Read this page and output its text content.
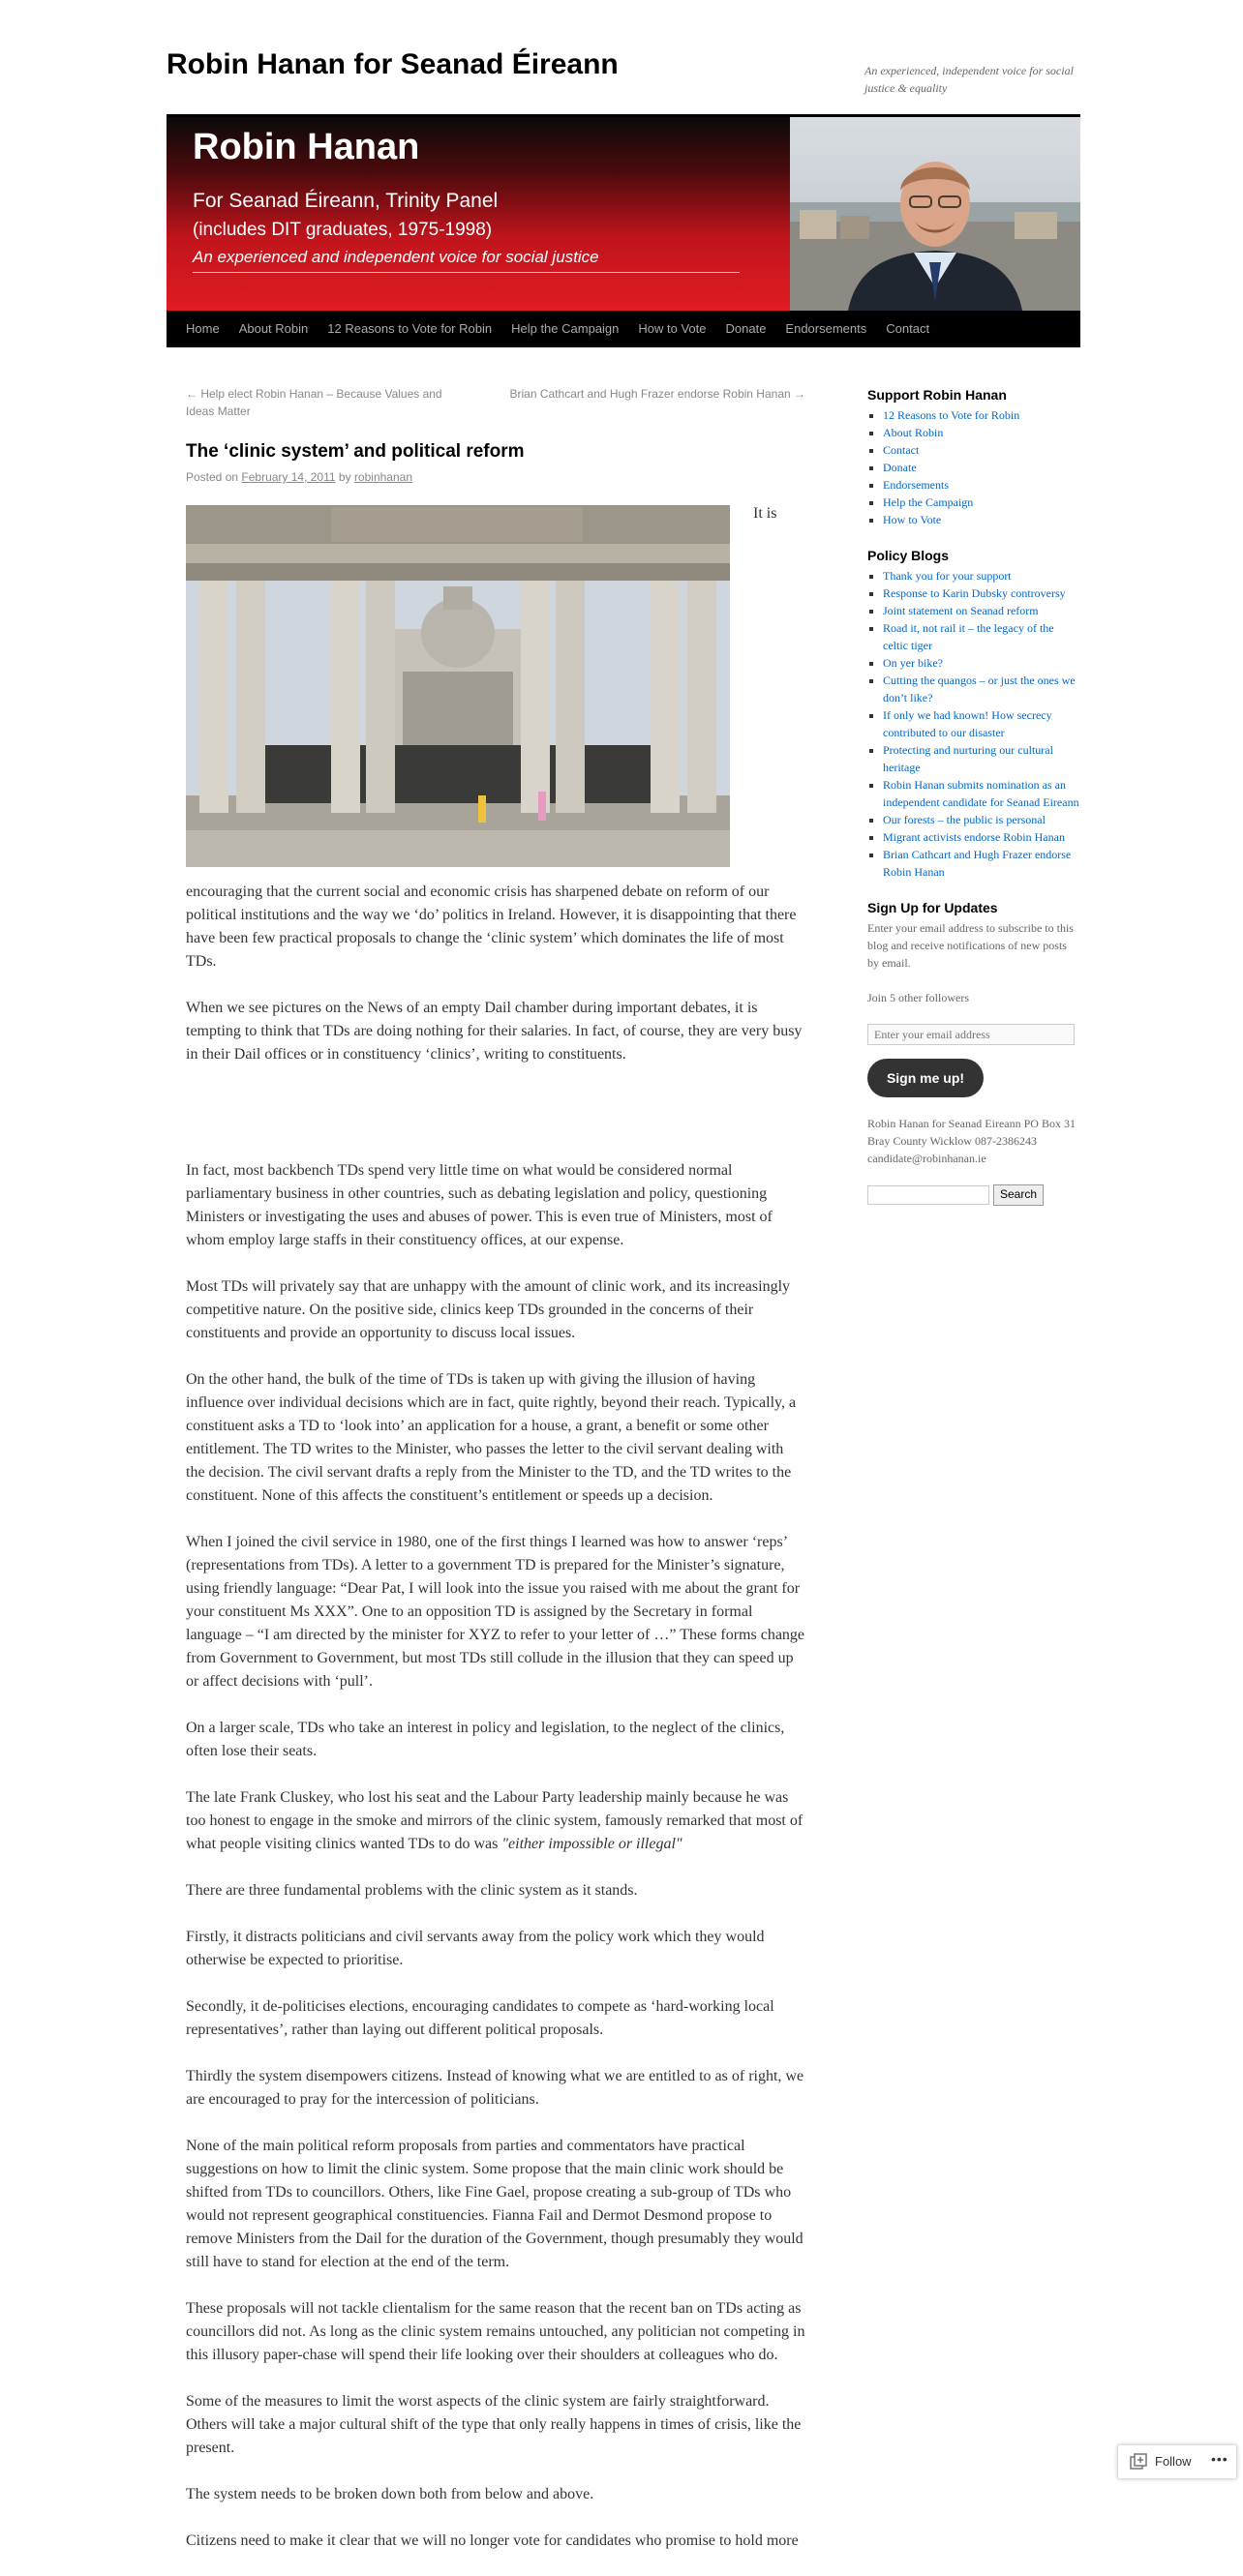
Robin Hanan for Seanad Éireann	An experienced, independent voice for social justice & equality
Robin Hanan
For Seanad Éireann, Trinity Panel
(includes DIT graduates, 1975-1998)
An experienced and independent voice for social justice
Home	About Robin	12 Reasons to Vote for Robin	Help the Campaign	How to Vote	Donate	Endorsements	Contact
← Help elect Robin Hanan – Because Values and Ideas Matter
Brian Cathcart and Hugh Frazer endorse Robin Hanan →
The ‘clinic system’ and political reform
Posted on February 14, 2011 by robinhanan
It is

encouraging that the current social and economic crisis has sharpened debate on reform of our political institutions and the way we ‘do’ politics in Ireland. However, it is disappointing that there have been few practical proposals to change the ‘clinic system’ which dominates the life of most TDs.

When we see pictures on the News of an empty Dail chamber during important debates, it is tempting to think that TDs are doing nothing for their salaries. In fact, of course, they are very busy in their Dail offices or in constituency ‘clinics’, writing to constituents.

In fact, most backbench TDs spend very little time on what would be considered normal parliamentary business in other countries, such as debating legislation and policy, questioning Ministers or investigating the uses and abuses of power. This is even true of Ministers, most of whom employ large staffs in their constituency offices, at our expense.

Most TDs will privately say that are unhappy with the amount of clinic work, and its increasingly competitive nature. On the positive side, clinics keep TDs grounded in the concerns of their constituents and provide an opportunity to discuss local issues.

On the other hand, the bulk of the time of TDs is taken up with giving the illusion of having influence over individual decisions which are in fact, quite rightly, beyond their reach. Typically, a constituent asks a TD to ‘look into’ an application for a house, a grant, a benefit or some other entitlement. The TD writes to the Minister, who passes the letter to the civil servant dealing with the decision. The civil servant drafts a reply from the Minister to the TD, and the TD writes to the constituent. None of this affects the constituent’s entitlement or speeds up a decision.

When I joined the civil service in 1980, one of the first things I learned was how to answer ‘reps’ (representations from TDs). A letter to a government TD is prepared for the Minister’s signature, using friendly language: “Dear Pat, I will look into the issue you raised with me about the grant for your constituent Ms XXX”. One to an opposition TD is assigned by the Secretary in formal language – “I am directed by the minister for XYZ to refer to your letter of …” These forms change from Government to Government, but most TDs still collude in the illusion that they can speed up or affect decisions with ‘pull’.

On a larger scale, TDs who take an interest in policy and legislation, to the neglect of the clinics, often lose their seats.

The late Frank Cluskey, who lost his seat and the Labour Party leadership mainly because he was too honest to engage in the smoke and mirrors of the clinic system, famously remarked that most of what people visiting clinics wanted TDs to do was "either impossible or illegal"

There are three fundamental problems with the clinic system as it stands.

Firstly, it distracts politicians and civil servants away from the policy work which they would otherwise be expected to prioritise.

Secondly, it de-politicises elections, encouraging candidates to compete as ‘hard-working local representatives’, rather than laying out different political proposals.

Thirdly the system disempowers citizens. Instead of knowing what we are entitled to as of right, we are encouraged to pray for the intercession of politicians.

None of the main political reform proposals from parties and commentators have practical suggestions on how to limit the clinic system. Some propose that the main clinic work should be shifted from TDs to councillors. Others, like Fine Gael, propose creating a sub-group of TDs who would not represent geographical constituencies. Fianna Fail and Dermot Desmond propose to remove Ministers from the Dail for the duration of the Government, though presumably they would still have to stand for election at the end of the term.

These proposals will not tackle clientalism for the same reason that the recent ban on TDs acting as councillors did not. As long as the clinic system remains untouched, any politician not competing in this illusory paper-chase will spend their life looking over their shoulders at colleagues who do.

Some of the measures to limit the worst aspects of the clinic system are fairly straightforward. Others will take a major cultural shift of the type that only really happens in times of crisis, like the present.

The system needs to be broken down both from below and above.

Citizens need to make it clear that we will no longer vote for candidates who promise to hold more

Support Robin Hanan
▪ 12 Reasons to Vote for Robin
▪ About Robin
▪ Contact
▪ Donate
▪ Endorsements
▪ Help the Campaign
▪ How to Vote
Policy Blogs
▪ Thank you for your support
▪ Response to Karin Dubsky controversy
▪ Joint statement on Seanad reform
▪ Road it, not rail it – the legacy of the celtic tiger
▪ On yer bike?
▪ Cutting the quangos – or just the ones we don’t like?
▪ If only we had known! How secrecy contributed to our disaster
▪ Protecting and nurturing our cultural heritage
▪ Robin Hanan submits nomination as an independent candidate for Seanad Eireann
▪ Our forests – the public is personal
▪ Migrant activists endorse Robin Hanan
▪ Brian Cathcart and Hugh Frazer endorse Robin Hanan
Sign Up for Updates

Enter your email address to subscribe to this blog and receive notifications of new posts by email.

Join 5 other followers

Enter your email address Sign me up!

Robin Hanan for Seanad Eireann PO Box 31 Bray County Wicklow 087-2386243 candidate@robinhanan.ie

Search
Follow •••
